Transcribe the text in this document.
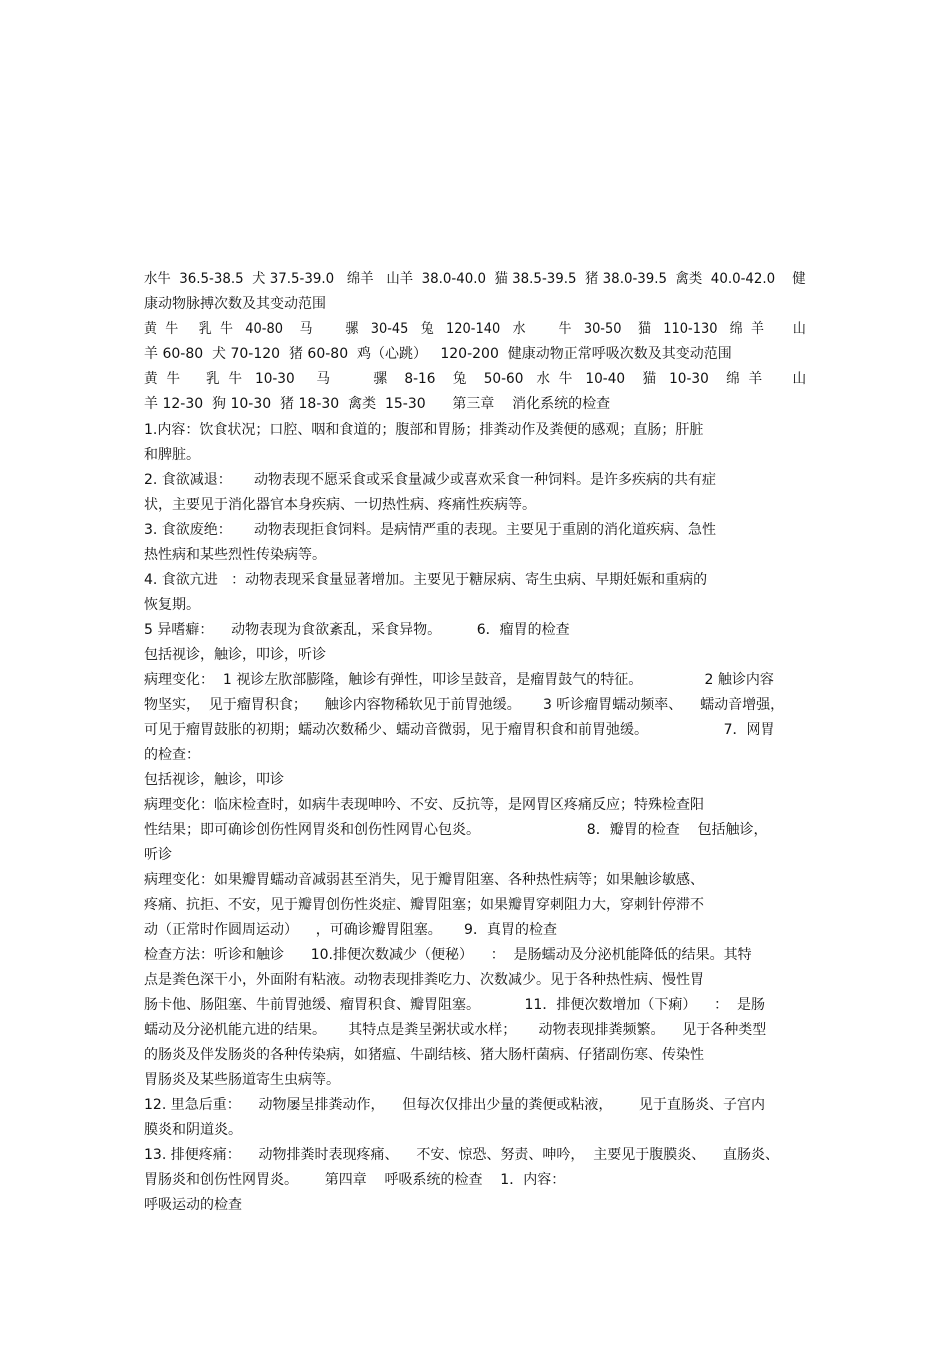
水牛  36.5-38.5  犬 37.5-39.0   绵羊   山羊  38.0-40.0  猫 38.5-39.5  猪 38.0-39.5  禽类  40.0-42.0    健
康动物脉搏次数及其变动范围
黄  牛     乳  牛   40-80    马        骡   30-45   兔   120-140   水        牛   30-50    猫   110-130   绵  羊       山
羊 60-80  犬 70-120  猪 60-80  鸡（心跳）   120-200  健康动物正常呼吸次数及其变动范围
黄  牛      乳  牛   10-30     马          骡    8-16    兔    50-60   水  牛   10-40    猫   10-30    绵  羊       山
羊 12-30  狗 10-30  猪 18-30  禽类  15-30      第三章    消化系统的检查
1.内容：饮食状况；口腔、咽和食道的；腹部和胃肠；排粪动作及粪便的感观；直肠；肝脏
和脾脏。
2. 食欲减退：     动物表现不愿采食或采食量减少或喜欢采食一种饲料。是许多疾病的共有症
状，主要见于消化器官本身疾病、一切热性病、疼痛性疾病等。
3. 食欲废绝：     动物表现拒食饲料。是病情严重的表现。主要见于重剧的消化道疾病、急性
热性病和某些烈性传染病等。
4. 食欲亢进   ：动物表现采食量显著增加。主要见于糖尿病、寄生虫病、早期妊娠和重病的
恢复期。
5 异嗜癖：    动物表现为食欲紊乱，采食异物。        6．瘤胃的检查
包括视诊，触诊，叩诊，听诊
病理变化：  1 视诊左肷部膨隆，触诊有弹性，叩诊呈鼓音，是瘤胃鼓气的特征。              2 触诊内容
物坚实，  见于瘤胃积食；    触诊内容物稀软见于前胃弛缓。     3 听诊瘤胃蠕动频率、    蠕动音增强，
可见于瘤胃鼓胀的初期；蠕动次数稀少、蠕动音微弱，见于瘤胃积食和前胃弛缓。                 7．网胃
的检查：
包括视诊，触诊，叩诊
病理变化：临床检查时，如病牛表现呻吟、不安、反抗等，是网胃区疼痛反应；特殊检查阳
性结果；即可确诊创伤性网胃炎和创伤性网胃心包炎。                        8．瓣胃的检查    包括触诊，
听诊
病理变化：如果瓣胃蠕动音减弱甚至消失，见于瓣胃阻塞、各种热性病等；如果触诊敏感、
疼痛、抗拒、不安，见于瓣胃创伤性炎症、瓣胃阻塞；如果瓣胃穿刺阻力大，穿刺针停滞不
动（正常时作圆周运动）    ，可确诊瓣胃阻塞。     9．真胃的检查
检查方法：听诊和触诊      10.排便次数减少（便秘）    ：  是肠蠕动及分泌机能降低的结果。其特
点是粪色深干小，外面附有粘液。动物表现排粪吃力、次数减少。见于各种热性病、慢性胃
肠卡他、肠阻塞、牛前胃弛缓、瘤胃积食、瓣胃阻塞。          11．排便次数增加（下痢）    ：  是肠
蠕动及分泌机能亢进的结果。     其特点是粪呈粥状或水样；     动物表现排粪频繁。    见于各种类型
的肠炎及伴发肠炎的各种传染病，如猪瘟、牛副结核、猪大肠杆菌病、仔猪副伤寒、传染性
胃肠炎及某些肠道寄生虫病等。
12. 里急后重：    动物屡呈排粪动作，    但每次仅排出少量的粪便或粘液，      见于直肠炎、子宫内
膜炎和阴道炎。
13. 排便疼痛：    动物排粪时表现疼痛、    不安、惊恐、努责、呻吟，  主要见于腹膜炎、    直肠炎、
胃肠炎和创伤性网胃炎。      第四章    呼吸系统的检查    1．内容：
呼吸运动的检查
